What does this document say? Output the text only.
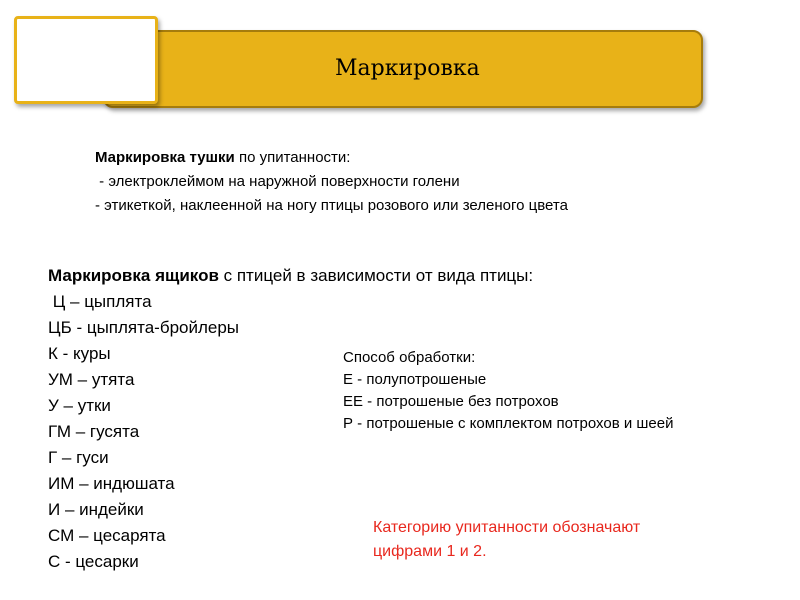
Маркировка
Маркировка тушки по упитанности:
- электроклеймом на наружной поверхности голени
- этикеткой, наклеенной на ногу птицы розового или зеленого цвета
Маркировка ящиков с птицей в зависимости от вида птицы:
Ц – цыплята
ЦБ - цыплята-бройлеры
К - куры
УМ – утята
У – утки
ГМ – гусята
Г – гуси
ИМ – индюшата
И – индейки
СМ – цесарята
С - цесарки
Способ обработки:
Е - полупотрошеные
ЕЕ - потрошеные без потрохов
Р - потрошеные с комплектом потрохов и шеей
Категорию упитанности обозначают
цифрами 1 и 2.
